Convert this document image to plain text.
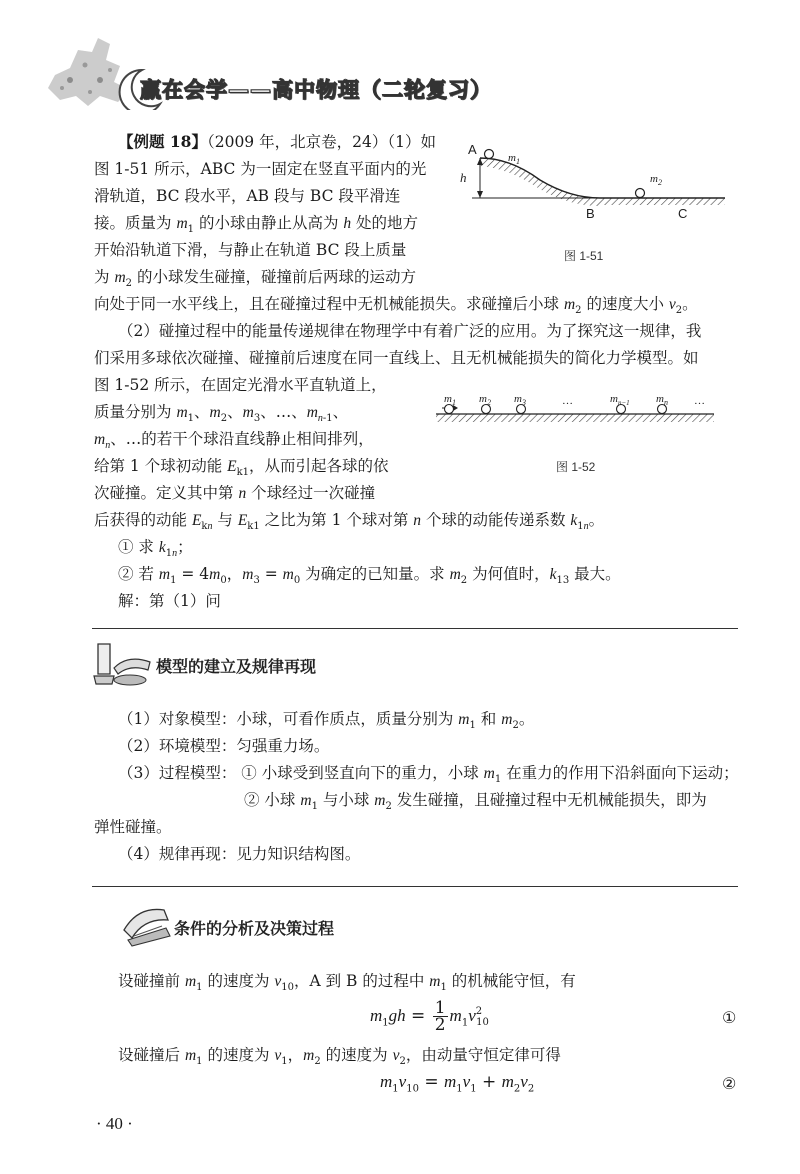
赢在会学——高中物理（二轮复习）
【例题 18】（2009 年，北京卷，24）（1）如
图 1-51 所示，ABC 为一固定在竖直平面内的光
滑轨道，BC 段水平，AB 段与 BC 段平滑连
接。质量为 $m_1$ 的小球由静止从高为 h 处的地方
开始沿轨道下滑，与静止在轨道 BC 段上质量
为 $m_2$ 的小球发生碰撞，碰撞前后两球的运动方
向处于同一水平线上，且在碰撞过程中无机械能损失。求碰撞后小球 $m_2$ 的速度大小 $v_2$。
A
h
$m_1$
$m_2$
B	C
图 1-51
（2）碰撞过程中的能量传递规律在物理学中有着广泛的应用。为了探究这一规律，我
们采用多球依次碰撞、碰撞前后速度在同一直线上、且无机械能损失的简化力学模型。如
图 1-52 所示，在固定光滑水平直轨道上，
质量分别为 $m_1$、$m_2$、$m_3$、…、$m_{n-1}$、
$m_n$、…的若干个球沿直线静止相间排列，
给第 1 个球初动能 $E_{k1}$，从而引起各球的依
次碰撞。定义其中第 n 个球经过一次碰撞
后获得的动能 $E_{kn}$ 与 $E_{k1}$ 之比为第 1 个球对第 n 个球的动能传递系数 $k_{1n}$。
$m_1$ $m_2$ $m_3$	…	$m_{n-1}$ $m_n$ …
图 1-52
① 求 $k_{1n}$；
② 若 $m_1 = 4m_0$，$m_3 = m_0$ 为确定的已知量。求 $m_2$ 为何值时，$k_{13}$ 最大。
解：第（1）问
模型的建立及规律再现
（1）对象模型：小球，可看作质点，质量分别为 $m_1$ 和 $m_2$。
（2）环境模型：匀强重力场。
（3）过程模型： ① 小球受到竖直向下的重力，小球 $m_1$ 在重力的作用下沿斜面向下运动；
② 小球 $m_1$ 与小球 $m_2$ 发生碰撞，且碰撞过程中无机械能损失，即为
弹性碰撞。
（4）规律再现：见力知识结构图。
条件的分析及决策过程
设碰撞前 $m_1$ 的速度为 $v_{10}$，A 到 B 的过程中 $m_1$ 的机械能守恒，有
$m_1gh = \frac{1}{2} m_1v^2_{10}$	①
设碰撞后 $m_1$ 的速度为 $v_1$，$m_2$ 的速度为 $v_2$，由动量守恒定律可得
$m_1v_{10} = m_1v_1 + m_2v_2$	②
· 40 ·
